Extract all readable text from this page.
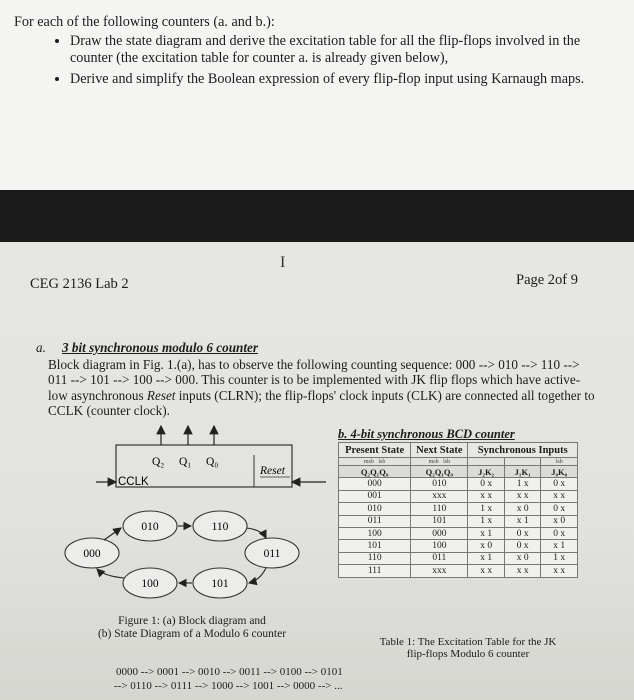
For each of the following counters (a. and b.):
• Draw the state diagram and derive the excitation table for all the flip-flops involved in the counter (the excitation table for counter a. is already given below),
• Derive and simplify the Boolean expression of every flip-flop input using Karnaugh maps.
I
CEG 2136 Lab 2	Page 2of 9
a. 3 bit synchronous modulo 6 counter
Block diagram in Fig. 1.(a), has to observe the following counting sequence: 000 --> 010 --> 110 --> 011 --> 101 --> 100 --> 000. This counter is to be implemented with JK flip flops which have active-low asynchronous Reset inputs (CLRN); the flip-flops' clock inputs (CLK) are connected all together to CCLK (counter clock).
Q₂ Q₁ Q₀
Reset
CCLK
010	110
000	011
100	101
b. 4-bit synchronous BCD counter
Present State	Next State	Synchronous Inputs		
msb lsb	msb lsb			lsb
Q₂Q₁Q₀	Q₂Q₁Q₀	J₂K₂	J₁K₁	J₀K₀
000	010	0 x	1 x	0 x
001	xxx	x x	x x	x x
010	110	1 x	x 0	0 x
011	101	1 x	x 1	x 0
100	000	x 1	0 x	0 x
101	100	x 0	0 x	x 1
110	011	x 1	x 0	1 x
111	xxx	x x	x x	x x
Figure 1: (a) Block diagram and
(b) State Diagram of a Modulo 6 counter
Table 1: The Excitation Table for the JK
flip-flops Modulo 6 counter
0000 --> 0001 --> 0010 --> 0011 --> 0100 --> 0101
--> 0110 --> 0111 --> 1000 --> 1001 --> 0000 --> ...
